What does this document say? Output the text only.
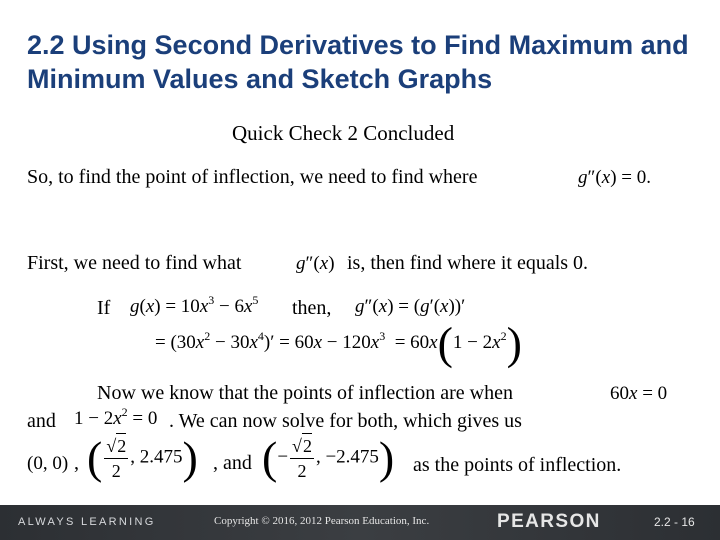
2.2 Using Second Derivatives to Find Maximum and Minimum Values and Sketch Graphs
Quick Check 2 Concluded
So, to find the point of inflection, we need to find where	g″(x) = 0.
First, we need to find what	g″(x) is, then find where it equals 0.
If $g(x) = 10x^3 - 6x^5$ then, g″(x) = (g′(x))′
= $(30x^2 - 30x^4)' = 60x - 120x^3 = 60x(1 - 2x^2)$
Now we know that the points of inflection are when	60x = 0
and $1 - 2x^2 = 0$ . We can now solve for both, which gives us
(0, 0) , ( $\frac{√2}{2}$ , 2.475) , and (− $\frac{√2}{2}$ , −2.475) as the points of inflection.
ALWAYS LEARNING	Copyright © 2016, 2012 Pearson Education, Inc.	PEARSON	2.2 - 16
